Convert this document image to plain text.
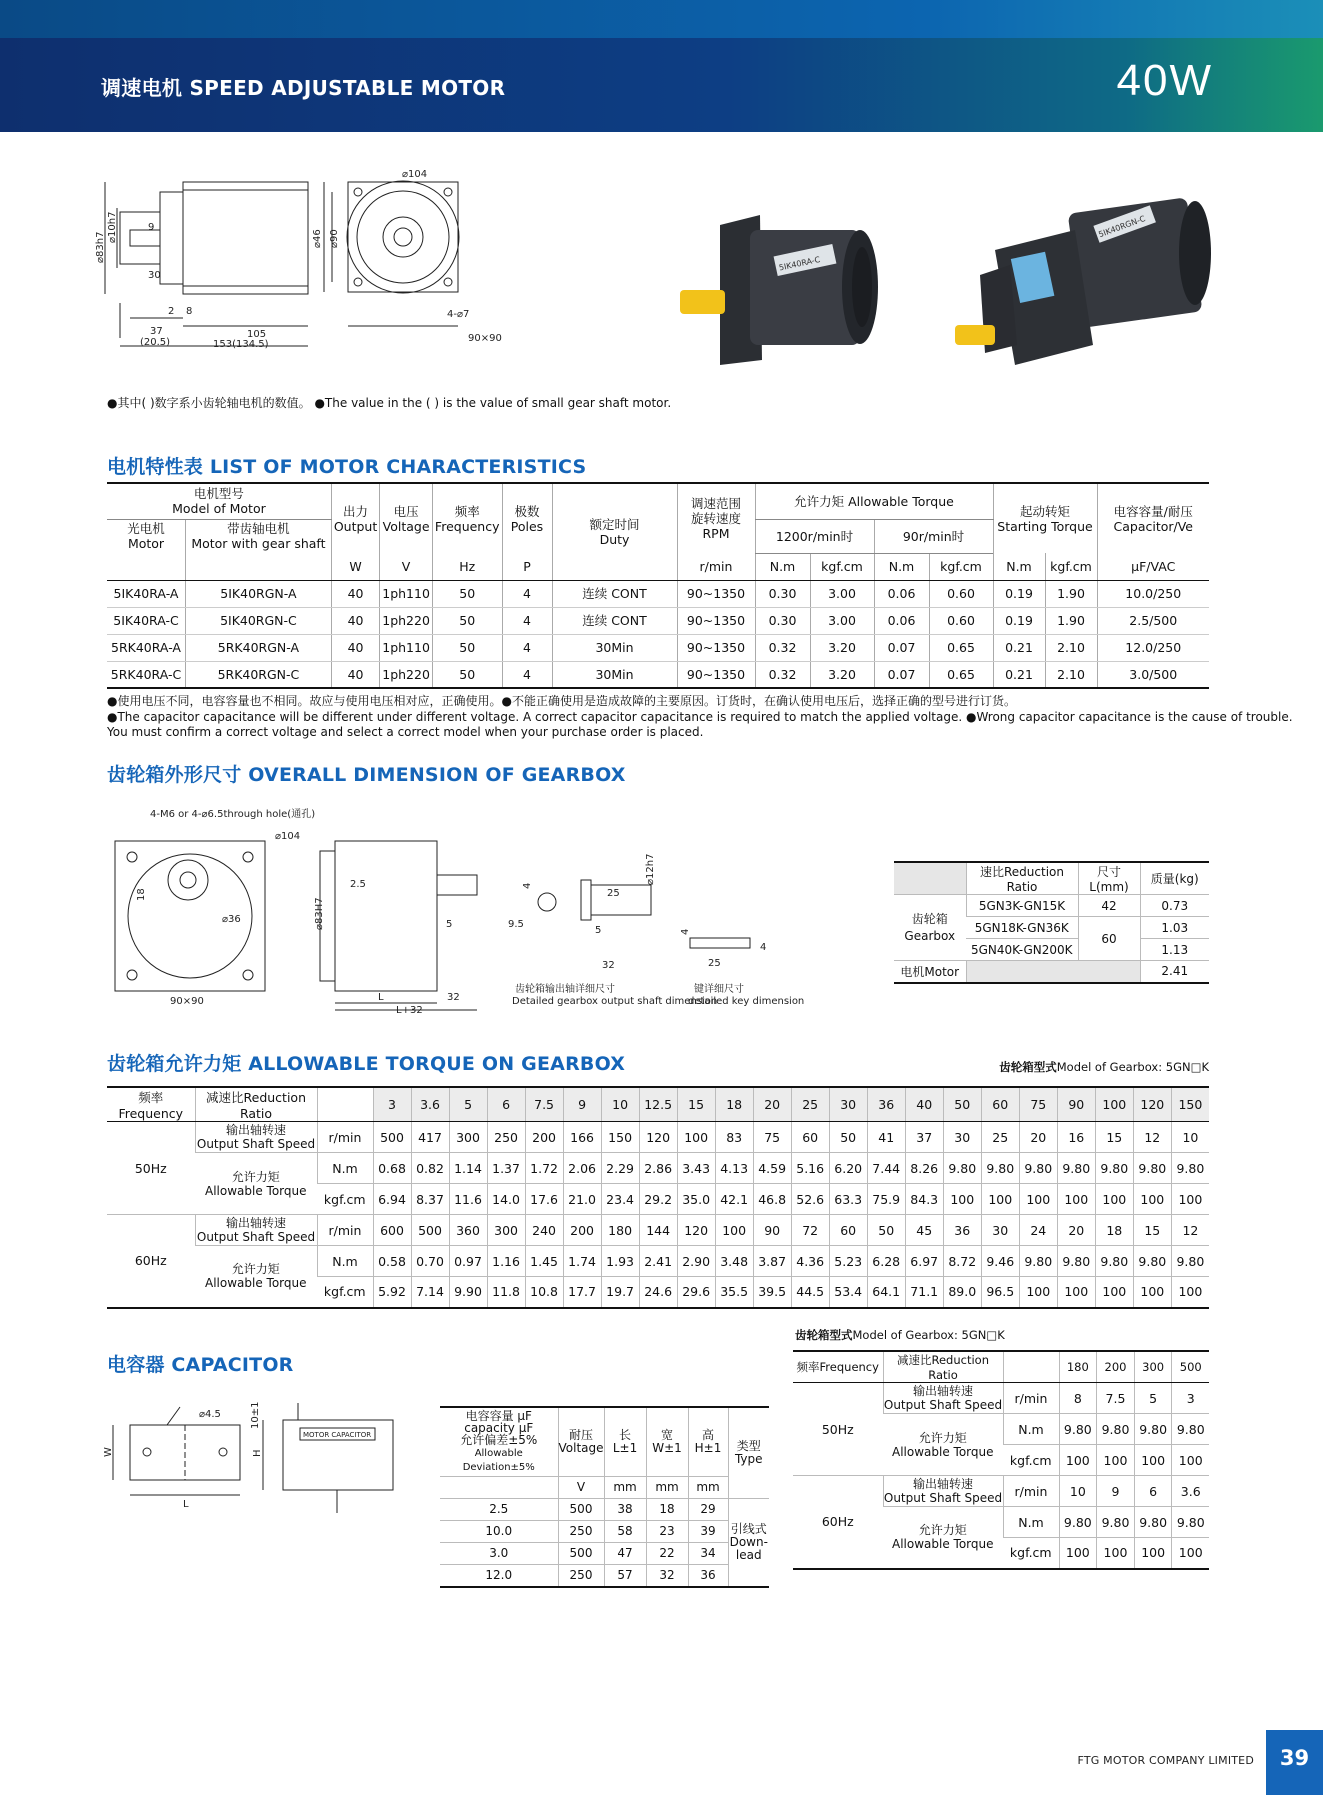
调速电机 SPEED ADJUSTABLE MOTOR	40W
⌀104
⌀83h7
⌀10h7
30
2 8
37
(20.5)
105
153(134.5)
⌀46 ⌀90
4-⌀7
90×90
9
5IK40RA-C
5IK40RGN-C
●其中( )数字系小齿轮轴电机的数值。 ●The value in the ( ) is the value of small gear shaft motor.
电机特性表 LIST OF MOTOR CHARACTERISTICS
电机型号
Model of Motor		出力
Output	电压
Voltage	频率
Frequency	极数
Poles	额定时间
Duty	调速范围
旋转速度
RPM	允许力矩 Allowable Torque				起动转矩
Starting Torque		电容容量/耐压
Capacitor/Ve
光电机
Motor	带齿轴电机
Motor with gear shaft							1200r/min时		90r/min时				
		W	V	Hz	P		r/min	N.m	kgf.cm	N.m	kgf.cm	N.m	kgf.cm	μF/VAC
5IK40RA-A	5IK40RGN-A	40	1ph110	50	4	连续 CONT	90~1350	0.30	3.00	0.06	0.60	0.19	1.90	10.0/250
5IK40RA-C	5IK40RGN-C	40	1ph220	50	4	连续 CONT	90~1350	0.30	3.00	0.06	0.60	0.19	1.90	2.5/500
5RK40RA-A	5RK40RGN-A	40	1ph110	50	4	30Min	90~1350	0.32	3.20	0.07	0.65	0.21	2.10	12.0/250
5RK40RA-C	5RK40RGN-C	40	1ph220	50	4	30Min	90~1350	0.32	3.20	0.07	0.65	0.21	2.10	3.0/500
●使用电压不同，电容容量也不相同。故应与使用电压相对应，正确使用。●不能正确使用是造成故障的主要原因。订货时，在确认使用电压后，选择正确的型号进行订货。
●The capacitor capacitance will be different under different voltage. A correct capacitor capacitance is required to match the applied voltage. ●Wrong capacitor capacitance is the cause of trouble.
You must confirm a correct voltage and select a correct model when your purchase order is placed.
齿轮箱外形尺寸 OVERALL DIMENSION OF GEARBOX
4-M6 or 4-⌀6.5through hole(通孔)
⌀104
18
⌀36
90×90
2.5
⌀83H7	5
L	32
L+32
4
25
9.5
5
32
⌀12h7
4
25
4
齿轮箱输出轴详细尺寸
Detailed gearbox output shaft dimension
键详细尺寸
detailed key dimension
	速比Reduction Ratio	尺寸L(mm)	质量(kg)
齿轮箱
Gearbox	5GN3K-GN15K	42	0.73
	5GN18K-GN36K	60	1.03
	5GN40K-GN200K		1.13
电机Motor			2.41
齿轮箱允许力矩 ALLOWABLE TORQUE ON GEARBOX	齿轮箱型式Model of Gearbox: 5GN□K
频率Frequency	减速比Reduction Ratio		3	3.6	5	6	7.5	9	10	12.5	15	18	20	25	30	36	40	50	60	75	90	100	120	150
50Hz	输出轴转速
Output Shaft Speed	r/min	500	417	300	250	200	166	150	120	100	83	75	60	50	41	37	30	25	20	16	15	12	10
	允许力矩
Allowable Torque	N.m	0.68	0.82	1.14	1.37	1.72	2.06	2.29	2.86	3.43	4.13	4.59	5.16	6.20	7.44	8.26	9.80	9.80	9.80	9.80	9.80	9.80	9.80
		kgf.cm	6.94	8.37	11.6	14.0	17.6	21.0	23.4	29.2	35.0	42.1	46.8	52.6	63.3	75.9	84.3	100	100	100	100	100	100	100
60Hz	输出轴转速
Output Shaft Speed	r/min	600	500	360	300	240	200	180	144	120	100	90	72	60	50	45	36	30	24	20	18	15	12
	允许力矩
Allowable Torque	N.m	0.58	0.70	0.97	1.16	1.45	1.74	1.93	2.41	2.90	3.48	3.87	4.36	5.23	6.28	6.97	8.72	9.46	9.80	9.80	9.80	9.80	9.80
		kgf.cm	5.92	7.14	9.90	11.8	10.8	17.7	19.7	24.6	29.6	35.5	39.5	44.5	53.4	64.1	71.1	89.0	96.5	100	100	100	100	100
电容器 CAPACITOR
⌀4.5	10±1
W
L
H
MOTOR CAPACITOR
电容容量 μF
capacity μF
允许偏差±5%
Allowable Deviation±5%	耐压
Voltage	长
L±1	宽
W±1	高
H±1	类型
Type
	V	mm	mm	mm	
2.5	500	38	18	29	引线式
Down-lead
10.0	250	58	23	39	
3.0	500	47	22	34	
12.0	250	57	32	36	
齿轮箱型式Model of Gearbox: 5GN□K
频率Frequency	减速比Reduction Ratio		180	200	300	500
50Hz	输出轴转速
Output Shaft Speed	r/min	8	7.5	5	3
	允许力矩
Allowable Torque	N.m	9.80	9.80	9.80	9.80
		kgf.cm	100	100	100	100
60Hz	输出轴转速
Output Shaft Speed	r/min	10	9	6	3.6
	允许力矩
Allowable Torque	N.m	9.80	9.80	9.80	9.80
		kgf.cm	100	100	100	100
FTG MOTOR COMPANY LIMITED	39
